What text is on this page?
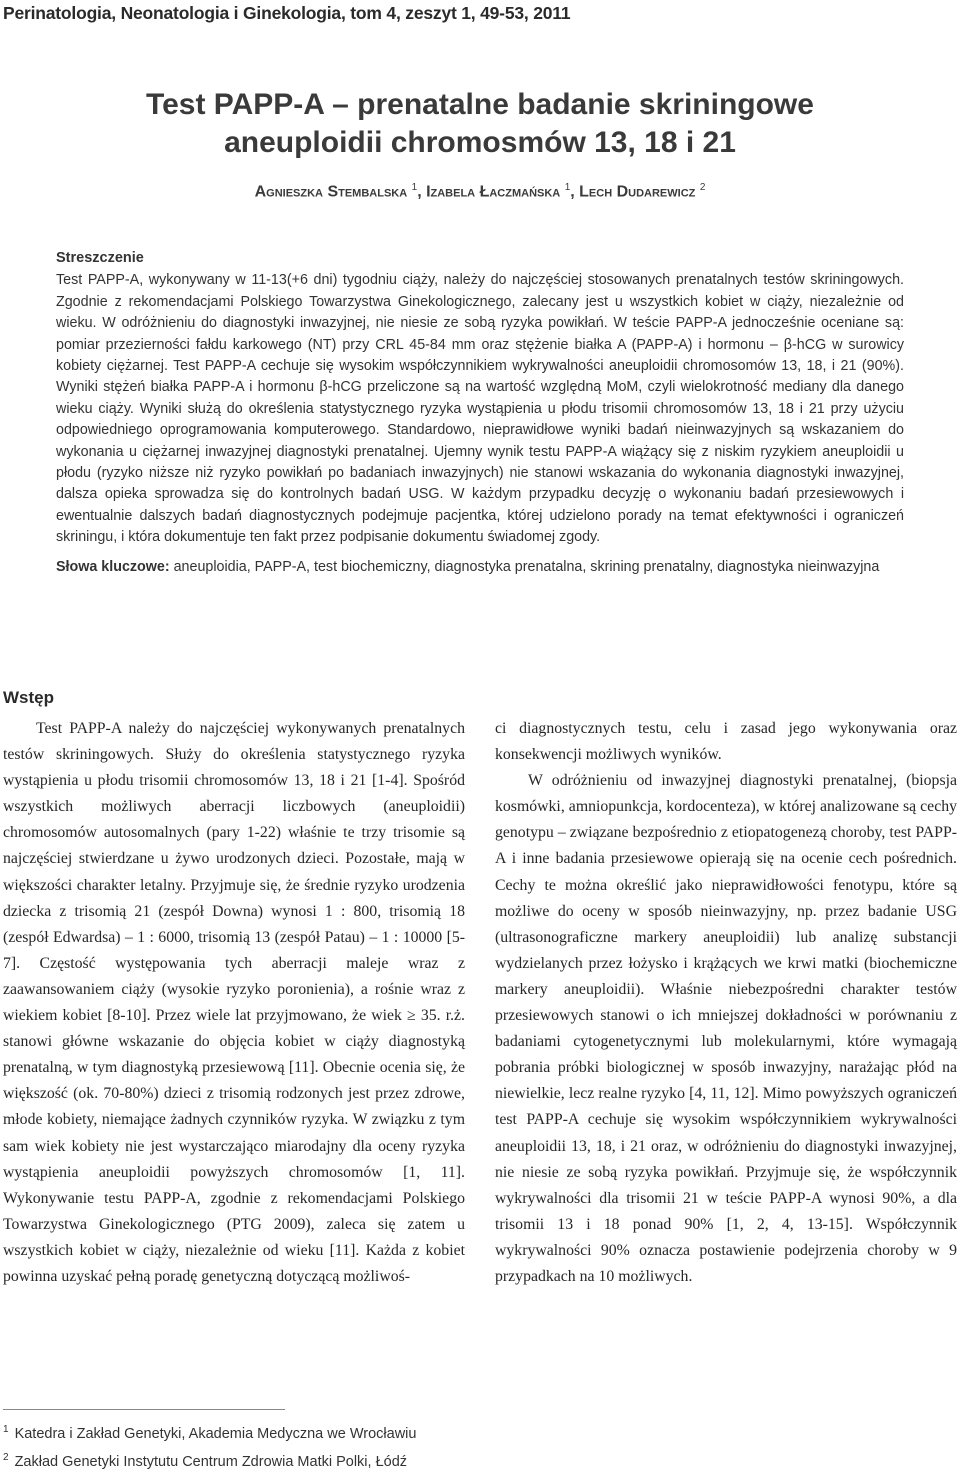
Perinatologia, Neonatologia i Ginekologia, tom 4, zeszyt 1, 49-53, 2011
Test PAPP-A – prenatalne badanie skriningowe
aneuploidii chromosmów 13, 18 i 21
Agnieszka Stembalska $^1$, Izabela Łaczmańska $^1$, Lech Dudarewicz $^2$
Streszczenie
Test PAPP-A, wykonywany w 11-13(+6 dni) tygodniu ciąży, należy do najczęściej stosowanych prenatalnych testów skriningowych. Zgodnie z rekomendacjami Polskiego Towarzystwa Ginekologicznego, zalecany jest u wszystkich kobiet w ciąży, niezależnie od wieku. W odróżnieniu do diagnostyki inwazyjnej, nie niesie ze sobą ryzyka powikłań. W teście PAPP-A jednocześnie oceniane są: pomiar przezierności fałdu karkowego (NT) przy CRL 45-84 mm oraz stężenie białka A (PAPP-A) i hormonu – β-hCG w surowicy kobiety ciężarnej. Test PAPP-A cechuje się wysokim współczynnikiem wykrywalności aneuploidii chromosomów 13, 18, i 21 (90%). Wyniki stężeń białka PAPP-A i hormonu β-hCG przeliczone są na wartość względną MoM, czyli wielokrotność mediany dla danego wieku ciąży. Wyniki służą do określenia statystycznego ryzyka wystąpienia u płodu trisomii chromosomów 13, 18 i 21 przy użyciu odpowiedniego oprogramowania komputerowego. Standardowo, nieprawidłowe wyniki badań nieinwazyjnych są wskazaniem do wykonania u ciężarnej inwazyjnej diagnostyki prenatalnej. Ujemny wynik testu PAPP-A wiążący się z niskim ryzykiem aneuploidii u płodu (ryzyko niższe niż ryzyko powikłań po badaniach inwazyjnych) nie stanowi wskazania do wykonania diagnostyki inwazyjnej, dalsza opieka sprowadza się do kontrolnych badań USG. W każdym przypadku decyzję o wykonaniu badań przesiewowych i ewentualnie dalszych badań diagnostycznych podejmuje pacjentka, której udzielono porady na temat efektywności i ograniczeń skriningu, i która dokumentuje ten fakt przez podpisanie dokumentu świadomej zgody.
Słowa kluczowe: aneuploidia, PAPP-A, test biochemiczny, diagnostyka prenatalna, skrining prenatalny, diagnostyka nieinwazyjna
Wstęp

Test PAPP-A należy do najczęściej wykonywanych prenatalnych testów skriningowych. Służy do określenia statystycznego ryzyka wystąpienia u płodu trisomii chromosomów 13, 18 i 21 [1-4]. Spośród wszystkich możliwych aberracji liczbowych (aneuploidii) chromosomów autosomalnych (pary 1-22) właśnie te trzy trisomie są najczęściej stwierdzane u żywo urodzonych dzieci. Pozostałe, mają w większości charakter letalny. Przyjmuje się, że średnie ryzyko urodzenia dziecka z trisomią 21 (zespół Downa) wynosi 1 : 800, trisomią 18 (zespół Edwardsa) – 1 : 6000, trisomią 13 (zespół Patau) – 1 : 10000 [5-7]. Częstość występowania tych aberracji maleje wraz z zaawansowaniem ciąży (wysokie ryzyko poronienia), a rośnie wraz z wiekiem kobiet [8-10]. Przez wiele lat przyjmowano, że wiek ≥ 35. r.ż. stanowi główne wskazanie do objęcia kobiet w ciąży diagnostyką prenatalną, w tym diagnostyką przesiewową [11]. Obecnie ocenia się, że większość (ok. 70-80%) dzieci z trisomią rodzonych jest przez zdrowe, młode kobiety, niemające żadnych czynników ryzyka. W związku z tym sam wiek kobiety nie jest wystarczająco miarodajny dla oceny ryzyka wystąpienia aneuploidii powyższych chromosomów [1, 11]. Wykonywanie testu PAPP-A, zgodnie z rekomendacjami Polskiego Towarzystwa Ginekologicznego (PTG 2009), zaleca się zatem u wszystkich kobiet w ciąży, niezależnie od wieku [11]. Każda z kobiet powinna uzyskać pełną poradę genetyczną dotyczącą możliwoś-

ci diagnostycznych testu, celu i zasad jego wykonywania oraz konsekwencji możliwych wyników.

W odróżnieniu od inwazyjnej diagnostyki prenatalnej, (biopsja kosmówki, amniopunkcja, kordocenteza), w której analizowane są cechy genotypu – związane bezpośrednio z etiopatogenezą choroby, test PAPP-A i inne badania przesiewowe opierają się na ocenie cech pośrednich. Cechy te można określić jako nieprawidłowości fenotypu, które są możliwe do oceny w sposób nieinwazyjny, np. przez badanie USG (ultrasonograficzne markery aneuploidii) lub analizę substancji wydzielanych przez łożysko i krążących we krwi matki (biochemiczne markery aneuploidii). Właśnie niebezpośredni charakter testów przesiewowych stanowi o ich mniejszej dokładności w porównaniu z badaniami cytogenetycznymi lub molekularnymi, które wymagają pobrania próbki biologicznej w sposób inwazyjny, narażając płód na niewielkie, lecz realne ryzyko [4, 11, 12]. Mimo powyższych ograniczeń test PAPP-A cechuje się wysokim współczynnikiem wykrywalności aneuploidii 13, 18, i 21 oraz, w odróżnieniu do diagnostyki inwazyjnej, nie niesie ze sobą ryzyka powikłań. Przyjmuje się, że współczynnik wykrywalności dla trisomii 21 w teście PAPP-A wynosi 90%, a dla trisomii 13 i 18 ponad 90% [1, 2, 4, 13-15]. Współczynnik wykrywalności 90% oznacza postawienie podejrzenia choroby w 9 przypadkach na 10 możliwych.

$^1$ Katedra i Zakład Genetyki, Akademia Medyczna we Wrocławiu
$^2$ Zakład Genetyki Instytutu Centrum Zdrowia Matki Polki, Łódź
